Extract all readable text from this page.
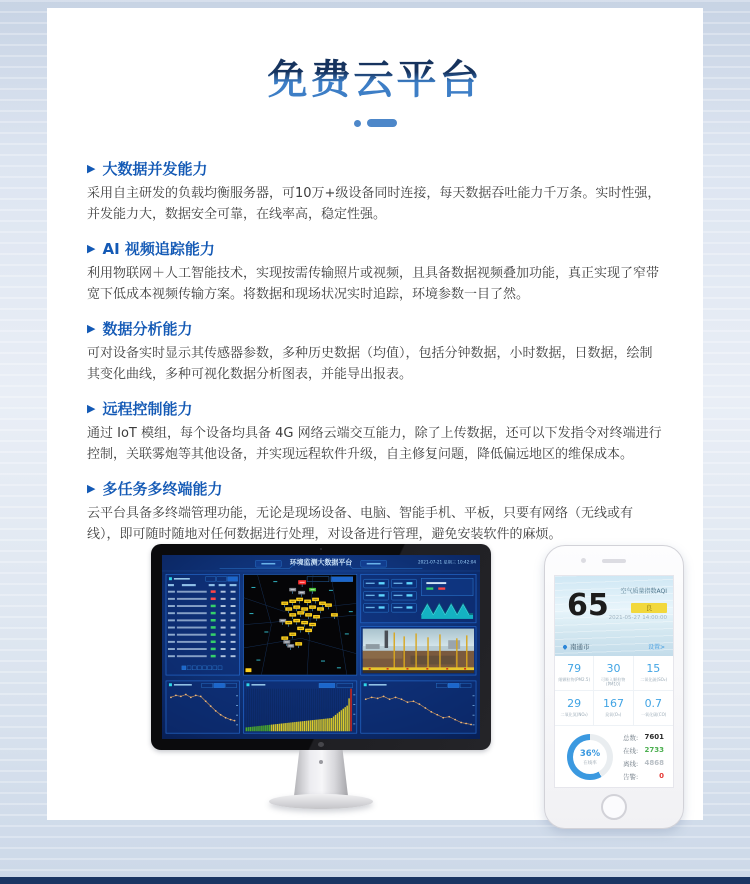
免费云平台
▶ 大数据并发能力

采用自主研发的负载均衡服务器，可10万+级设备同时连接，每天数据吞吐能力千万条。实时性强，并发能力大，数据安全可靠，在线率高，稳定性强。

▶ AI 视频追踪能力

利用物联网＋人工智能技术，实现按需传输照片或视频，且具备数据视频叠加功能，真正实现了窄带宽下低成本视频传输方案。将数据和现场状况实时追踪，环境参数一目了然。

▶ 数据分析能力

可对设备实时显示其传感器参数，多种历史数据（均值），包括分钟数据，小时数据，日数据，绘制其变化曲线，多种可视化数据分析图表，并能导出报表。

▶ 远程控制能力

通过 IoT 模组，每个设备均具备 4G 网络云端交互能力，除了上传数据，还可以下发指令对终端进行控制，关联雾炮等其他设备，并实现远程软件升级，自主修复问题，降低偏远地区的维保成本。

▶ 多任务多终端能力

云平台具备多终端管理功能，无论是现场设备、电脑、智能手机、平板，只要有网络（无线或有线），即可随时随地对任何数据进行处理，对设备进行管理，避免安装软件的麻烦。

环境监测大数据平台	2021-07-21 星期三 10:42:04
65	空气质量指数AQI
良
2021-05-27 14:00:00
南通市	设置>
79
细颗粒物(PM2.5)
30
可吸入颗粒物(PM10)
15
二氧化硫(SO₂)
29
二氧化氮(NO₂)
167
臭氧(O₃)
0.7
一氧化碳(CO)
36%
在线率
总数: 7601
在线: 2733
离线: 4868
告警:	0
